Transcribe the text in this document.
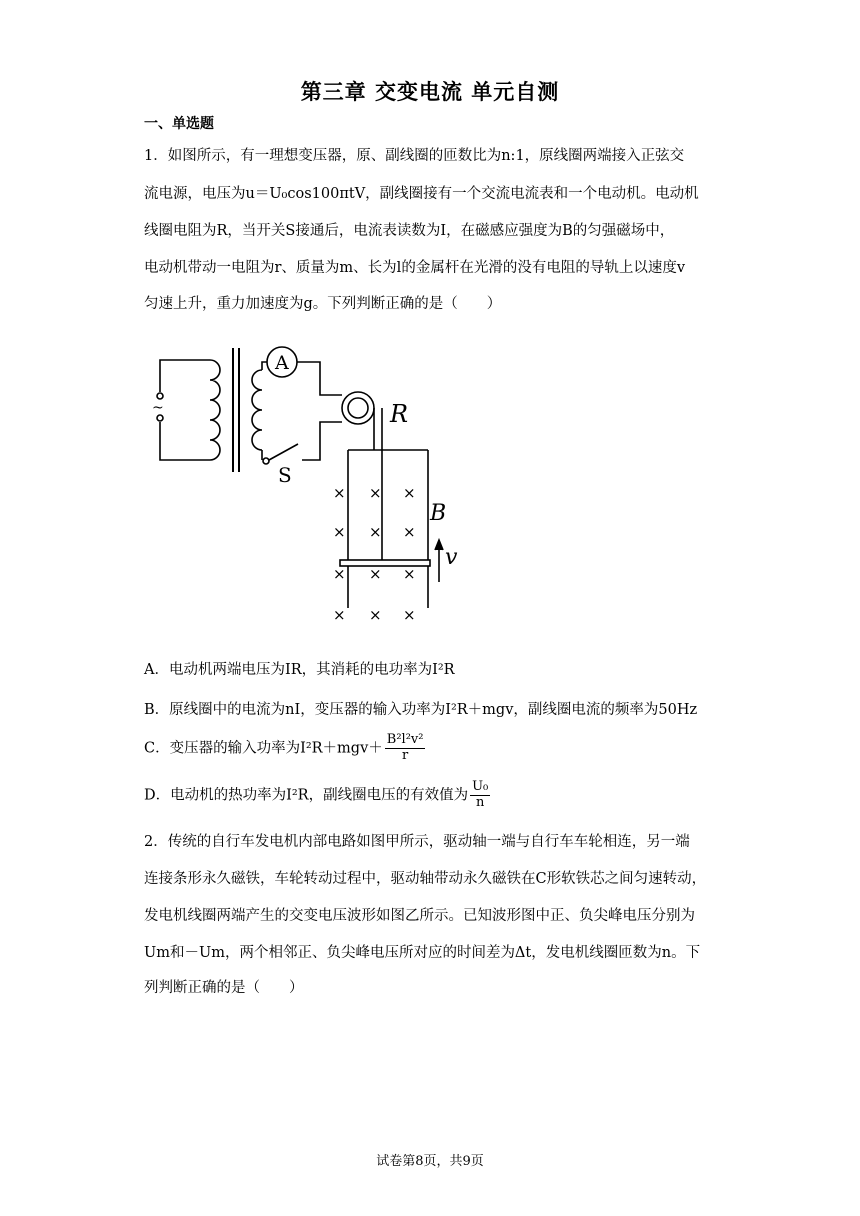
第三章 交变电流 单元自测
一、单选题
1．如图所示，有一理想变压器，原、副线圈的匝数比为n:1，原线圈两端接入正弦交
流电源，电压为u＝U₀cos100πtV，副线圈接有一个交流电流表和一个电动机。电动机
线圈电阻为R，当开关S接通后，电流表读数为I，在磁感应强度为B的匀强磁场中，
电动机带动一电阻为r、质量为m、长为l的金属杆在光滑的没有电阻的导轨上以速度v
匀速上升，重力加速度为g。下列判断正确的是（　　）
~
× × ×
× × ×
× × ×
× × ×
A
R
S
B
v
A．电动机两端电压为IR，其消耗的电功率为I²R
B．原线圈中的电流为nI，变压器的输入功率为I²R＋mgv，副线圈电流的频率为50Hz
C．变压器的输入功率为$I^2R+mgv+ \frac{\text{B²l²v²}}{r}$
D．电动机的热功率为I²R，副线圈电压的有效值为 $\frac{\text{U₀}}{n}$
2．传统的自行车发电机内部电路如图甲所示，驱动轴一端与自行车车轮相连，另一端
连接条形永久磁铁，车轮转动过程中，驱动轴带动永久磁铁在C形软铁芯之间匀速转动，
发电机线圈两端产生的交变电压波形如图乙所示。已知波形图中正、负尖峰电压分别为
Um和－Um，两个相邻正、负尖峰电压所对应的时间差为Δt，发电机线圈匝数为n。下
列判断正确的是（　　）
试卷第8页，共9页
